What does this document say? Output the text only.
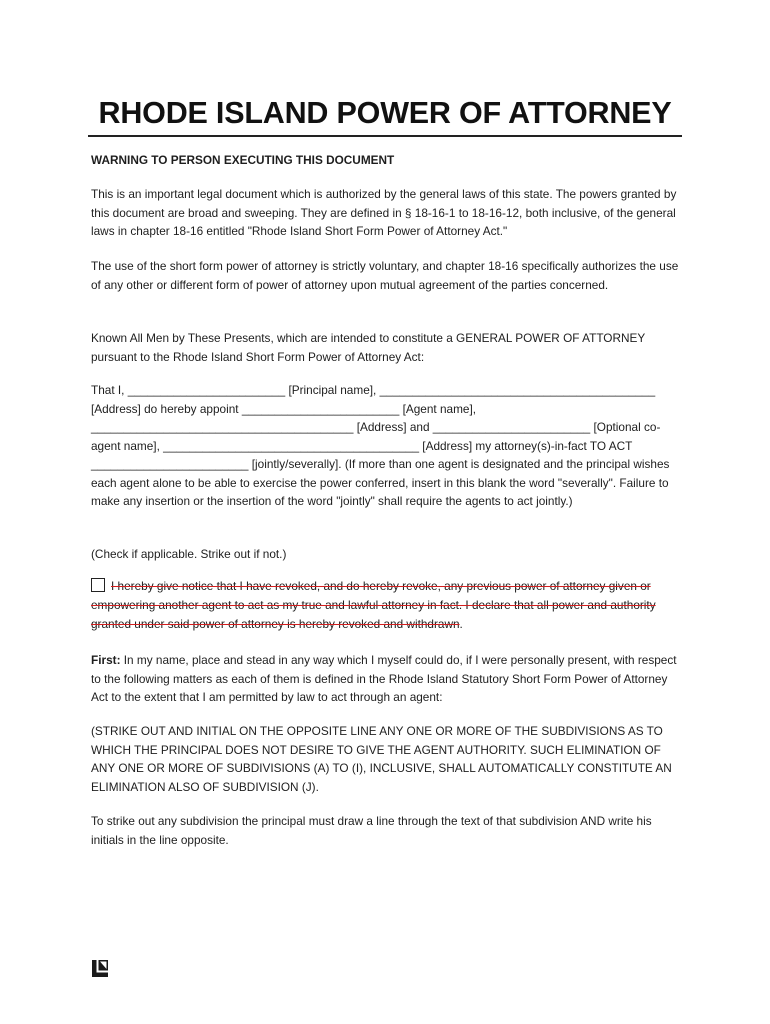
RHODE ISLAND POWER OF ATTORNEY

WARNING TO PERSON EXECUTING THIS DOCUMENT

This is an important legal document which is authorized by the general laws of this state. The powers granted by this document are broad and sweeping. They are defined in § 18-16-1 to 18-16-12, both inclusive, of the general laws in chapter 18-16 entitled "Rhode Island Short Form Power of Attorney Act."

The use of the short form power of attorney is strictly voluntary, and chapter 18-16 specifically authorizes the use of any other or different form of power of attorney upon mutual agreement of the parties concerned.

Known All Men by These Presents, which are intended to constitute a GENERAL POWER OF ATTORNEY pursuant to the Rhode Island Short Form Power of Attorney Act:

That I, ________________________ [Principal name], __________________________________________ [Address] do hereby appoint ________________________ [Agent name], ________________________________________ [Address] and ________________________ [Optional co-agent name], _______________________________________ [Address] my attorney(s)-in-fact TO ACT ________________________ [jointly/severally]. (If more than one agent is designated and the principal wishes each agent alone to be able to exercise the power conferred, insert in this blank the word "severally". Failure to make any insertion or the insertion of the word "jointly" shall require the agents to act jointly.)

(Check if applicable. Strike out if not.)

I hereby give notice that I have revoked, and do hereby revoke, any previous power of attorney given or empowering another agent to act as my true and lawful attorney in fact. I declare that all power and authority granted under said power of attorney is hereby revoked and withdrawn.

First: In my name, place and stead in any way which I myself could do, if I were personally present, with respect to the following matters as each of them is defined in the Rhode Island Statutory Short Form Power of Attorney Act to the extent that I am permitted by law to act through an agent:

(STRIKE OUT AND INITIAL ON THE OPPOSITE LINE ANY ONE OR MORE OF THE SUBDIVISIONS AS TO WHICH THE PRINCIPAL DOES NOT DESIRE TO GIVE THE AGENT AUTHORITY. SUCH ELIMINATION OF ANY ONE OR MORE OF SUBDIVISIONS (A) TO (I), INCLUSIVE, SHALL AUTOMATICALLY CONSTITUTE AN ELIMINATION ALSO OF SUBDIVISION (J).

To strike out any subdivision the principal must draw a line through the text of that subdivision AND write his initials in the line opposite.
